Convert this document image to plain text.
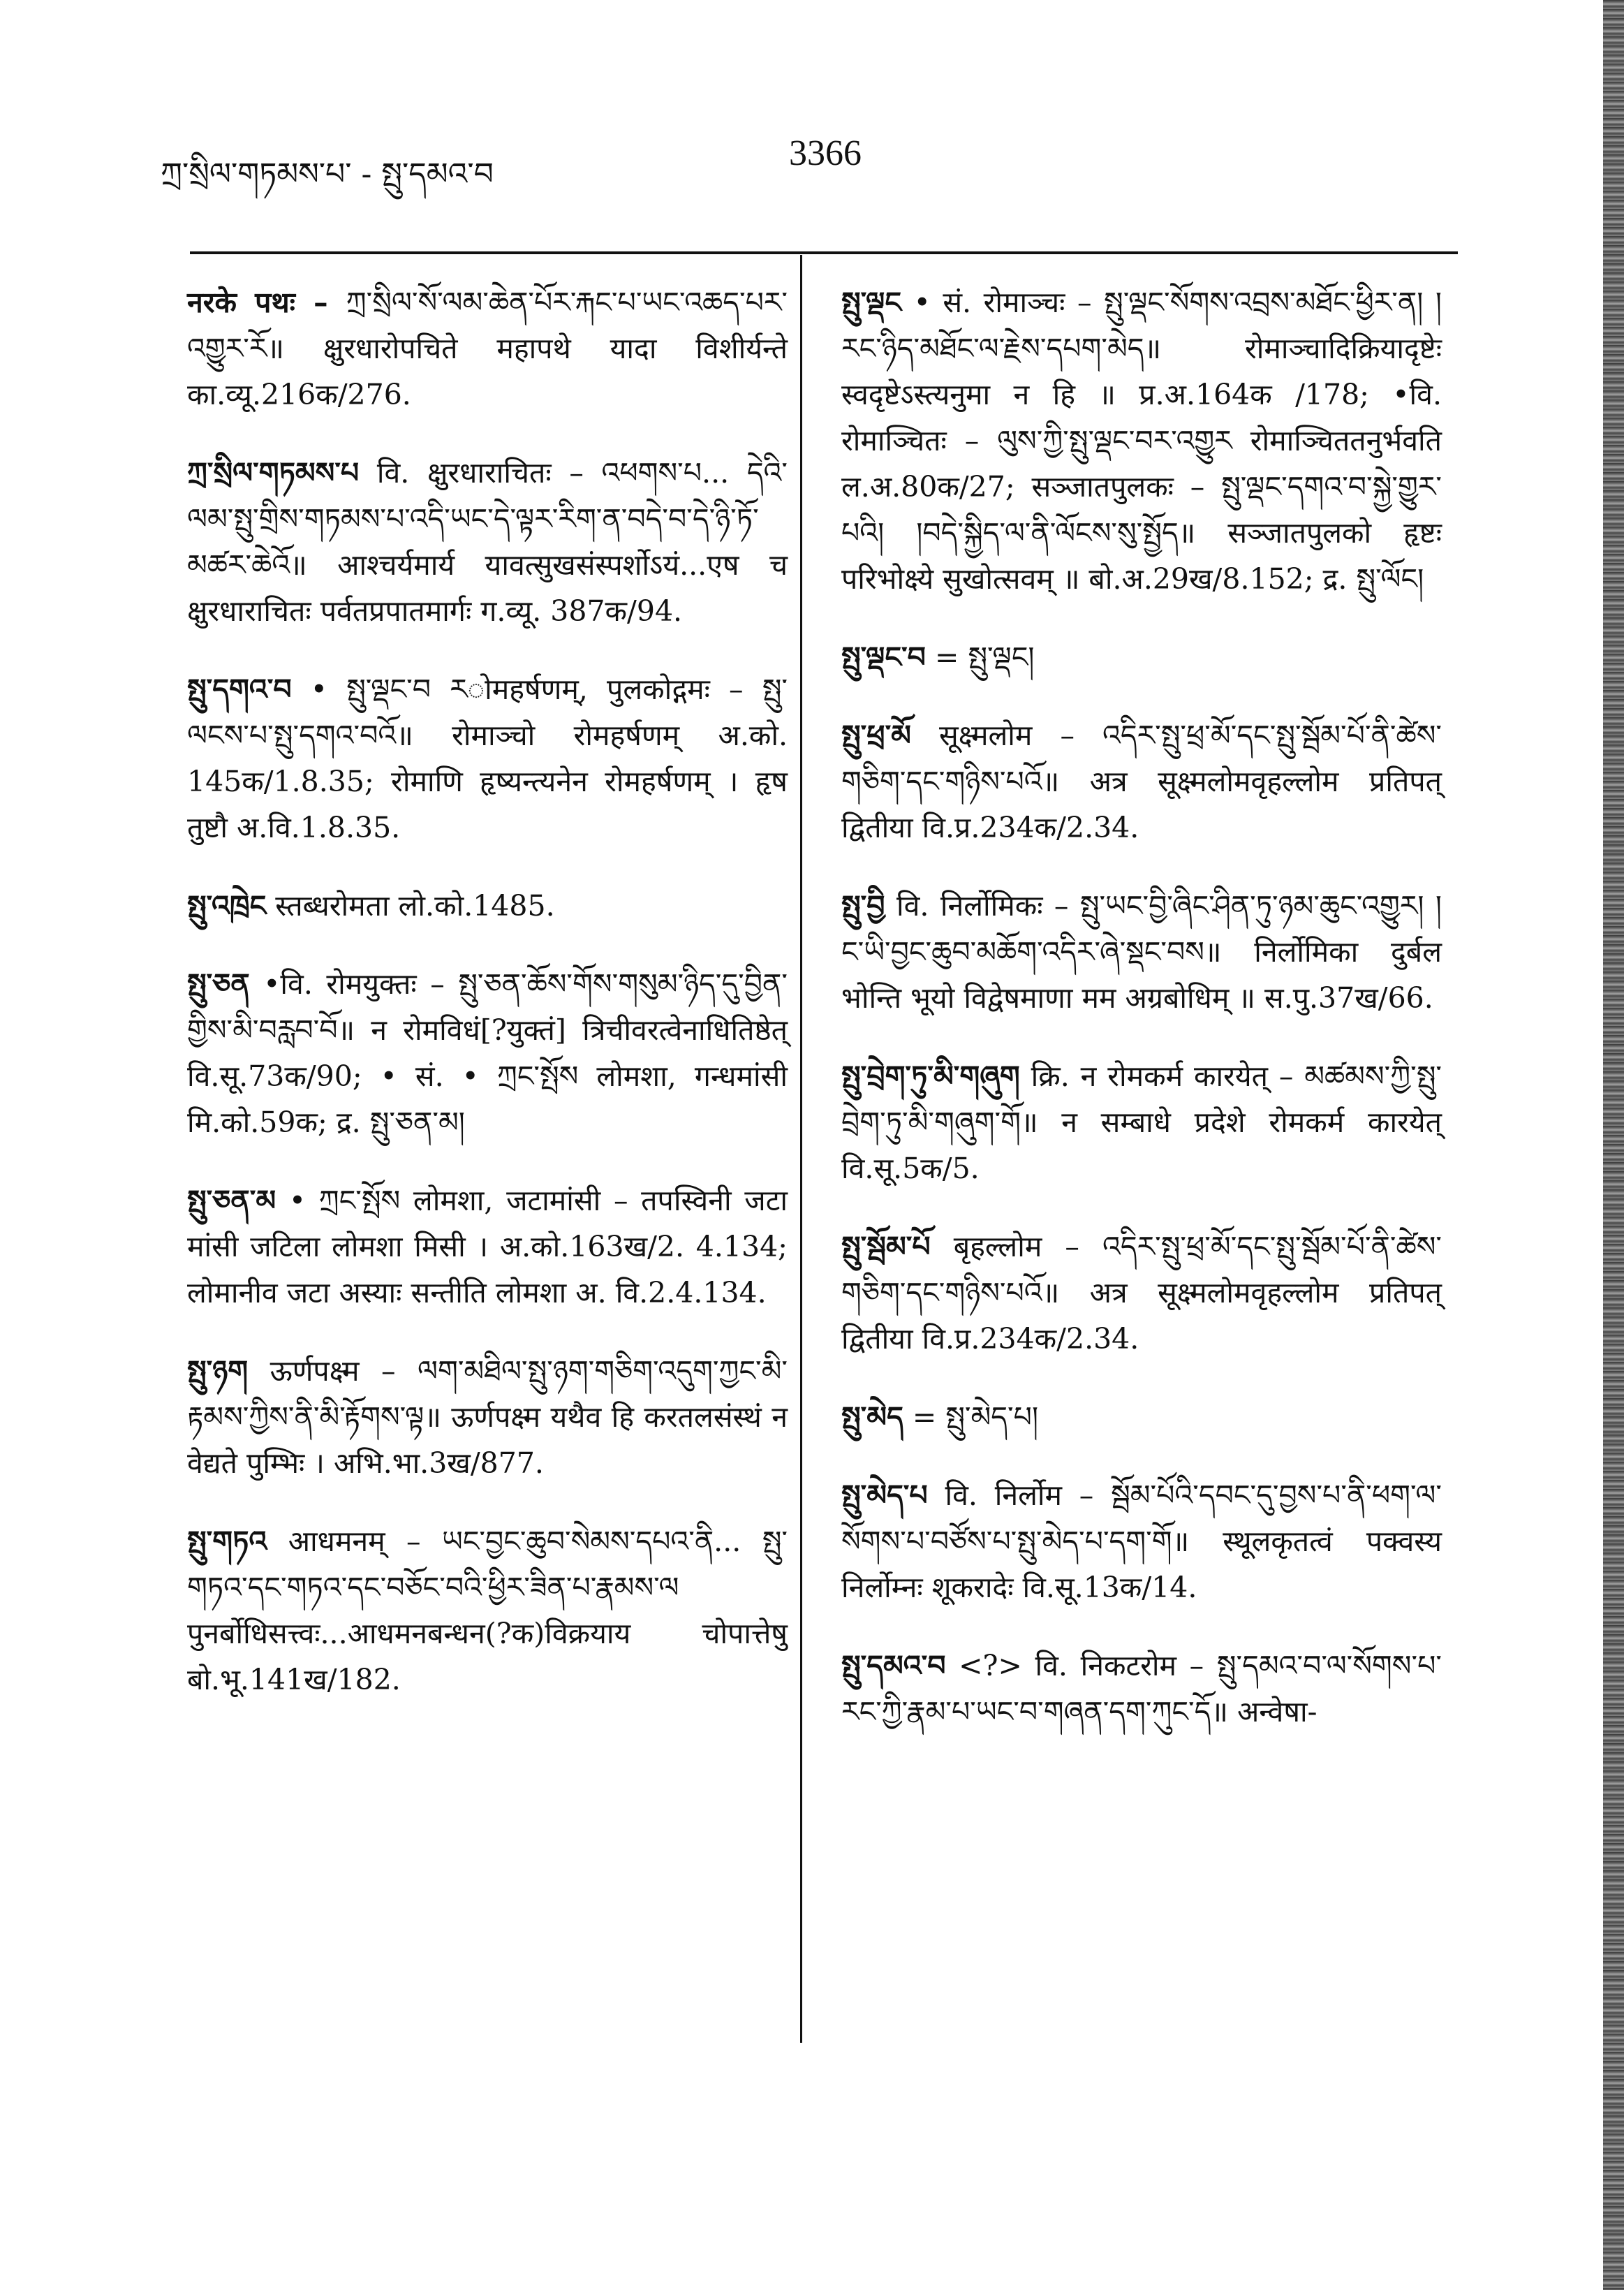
ཀྲ་སྲིལ་གཏམས་པ་ - སྤུ་དམའ་བ
3366
नरके पथः – ཀྲ་སྲིལ་སོ་ལམ་ཆེན་པོར་རྐང་པ་ཡང་འཆད་པར་འགྱུར་རོ॥ क्षुरधारोपचिते महापथे यादा विशीर्यन्ते का.व्यू.216क/276.
ཀྲ་སྲིལ་གཏམས་པ वि. क्षुरधाराचितः – འཕགས་པ... དེའི་ལམ་སྤུ་གྲིས་གཏམས་པ་འདི་ཡང་དེ་ལྟར་རིག་ན་བདེ་བ་དེ་ཉི་ཏོ་མཚར་ཆེའོ॥ आश्चर्यमार्य यावत्सुखसंस्पर्शोऽयं...एष च क्षुरधाराचितः पर्वतप्रपातमार्गः ग.व्यू. 387क/94.
སྤུ་དགའ་བ • སྤུ་ལྡང་བ རोमहर्षणम्, पुलकोद्गमः – སྤུ་ལངས་པ་སྤུ་དགའ་བའོ॥ रोमाञ्चो रोमहर्षणम् अ.को. 145क/1.8.35; रोमाणि हृष्यन्त्यनेन रोमहर्षणम् । हृष तुष्टौ अ.वि.1.8.35.
སྤུ་འཁྲེང स्तब्धरोमता लो.को.1485.
སྤུ་ཅན •वि. रोमयुक्तः – སྤུ་ཅན་ཆོས་གོས་གསུམ་ཉིད་དུ་བྱིན་གྱིས་མི་བརླབ་བོ॥ न रोमविधं[?युक्तं] त्रिचीवरत्वेनाधितिष्ठेत् वि.सू.73क/90; • सं. • ཀྲང་སྤོས लोमशा, गन्धमांसी मि.को.59क; द्र. སྤུ་ཅན་མ།
སྤུ་ཅན་མ • ཀྲང་སྤོས लोमशा, जटामांसी – तपस्विनी जटा मांसी जटिला लोमशा मिसी । अ.को.163ख/2. 4.134; लोमानीव जटा अस्याः सन्तीति लोमशा अ. वि.2.4.134.
སྤུ་ཉག ऊर्णपक्ष्म – ལག་མཐིལ་སྤུ་ཉག་གཅིག་འདུག་ཀྱང་མི་རྟམས་ཀྱིས་ནི་མི་རྟོགས་ལྟ॥ ऊर्णपक्ष्म यथैव हि करतलसंस्थं न वेद्यते पुम्भिः । अभि.भा.3ख/877.
སྤུ་གཏའ आधमनम् – ཡང་བྱང་ཆུབ་སེམས་དཔའ་ནི... སྤུ་གཏའ་དང་གཏའ་དང་བཅོང་བའི་ཕྱིར་ཟིན་པ་རྣམས་ལ पुनर्बोधिसत्त्वः...आधमनबन्धन(?क)विक्रयाय चोपात्तेषु बो.भू.141ख/182.
སྤུ་ལྡང • सं. रोमाञ्चः – སྤུ་ལྡང་སོགས་འབྲས་མཐོང་ཕྱིར་ན། །རང་ཉིད་མཐོང་ལ་རྗེས་དཔག་མེད॥ रोमाञ्चादिक्रियादृष्टेः स्वदृष्टेऽस्त्यनुमा न हि ॥ प्र.अ.164क /178; •वि. रोमाञ्चितः – ལུས་ཀྱི་སྤུ་ལྡང་བར་འགྱུར रोमाञ्चिततनुर्भवति ल.अ.80क/27; सञ्जातपुलकः – སྤུ་ལྡང་དགའ་བ་སྐྱེ་གྱུར་པའི། །བདེ་སྐྱིད་ལ་ནི་ལོངས་སུ་སྤྱོད॥ सञ्जातपुलको हृष्टः परिभोक्ष्ये सुखोत्सवम् ॥ बो.अ.29ख/8.152; द्र. སྤུ་ལོང།
སྤུ་ལྡང་བ = སྤུ་ལྡང།
སྤུ་ཕྲ་མོ सूक्ष्मलोम – འདིར་སྤུ་ཕྲ་མོ་དང་སྤུ་སྦོམ་པོ་ནི་ཚེས་གཅིག་དང་གཉིས་པའོ॥ अत्र सूक्ष्मलोमवृहल्लोम प्रतिपत् द्वितीया वि.प्र.234क/2.34.
སྤུ་བྱི वि. निर्लोमिकः – སྤུ་ཡང་བྱི་ཞིང་ཤིན་ཏུ་ཉམ་ཆུང་འགྱུར། །ང་ཡི་བྱང་ཆུབ་མཆོག་འདིར་ཞེ་སྡང་བས॥ निर्लोमिका दुर्बल भोन्ति भूयो विद्वेषमाणा मम अग्रबोधिम् ॥ स.पु.37ख/66.
སྤུ་བྲེག་ཏུ་མི་གཞུག क्रि. न रोमकर्म कारयेत् – མཚམས་ཀྱི་སྤུ་བྲེག་ཏུ་མི་གཞུག་གོ॥ न सम्बाधे प्रदेशे रोमकर्म कारयेत् वि.सू.5क/5.
སྤུ་སྦོམ་པོ बृहल्लोम – འདིར་སྤུ་ཕྲ་མོ་དང་སྤུ་སྦོམ་པོ་ནི་ཚེས་གཅིག་དང་གཉིས་པའོ॥ अत्र सूक्ष्मलोमवृहल्लोम प्रतिपत् द्वितीया वि.प्र.234क/2.34.
སྤུ་མེད = སྤུ་མེད་པ།
སྤུ་མེད་པ वि. निर्लोम – སྦོམ་པོའི་དབང་དུ་བྱས་པ་ནི་ཕག་ལ་སོགས་པ་བཙོས་པ་སྤུ་མེད་པ་དག་གོ॥ स्थूलकृतत्वं पक्वस्य निर्लोम्नः शूकरादेः वि.सू.13क/14.
སྤུ་དམའ་བ <?> वि. निकटरोम – སྤུ་དམའ་བ་ལ་སོགས་པ་རང་ཀྱི་རྣམ་པ་ཡང་བ་གཞན་དག་ཀུང་དོ॥ अन्वेषा-
